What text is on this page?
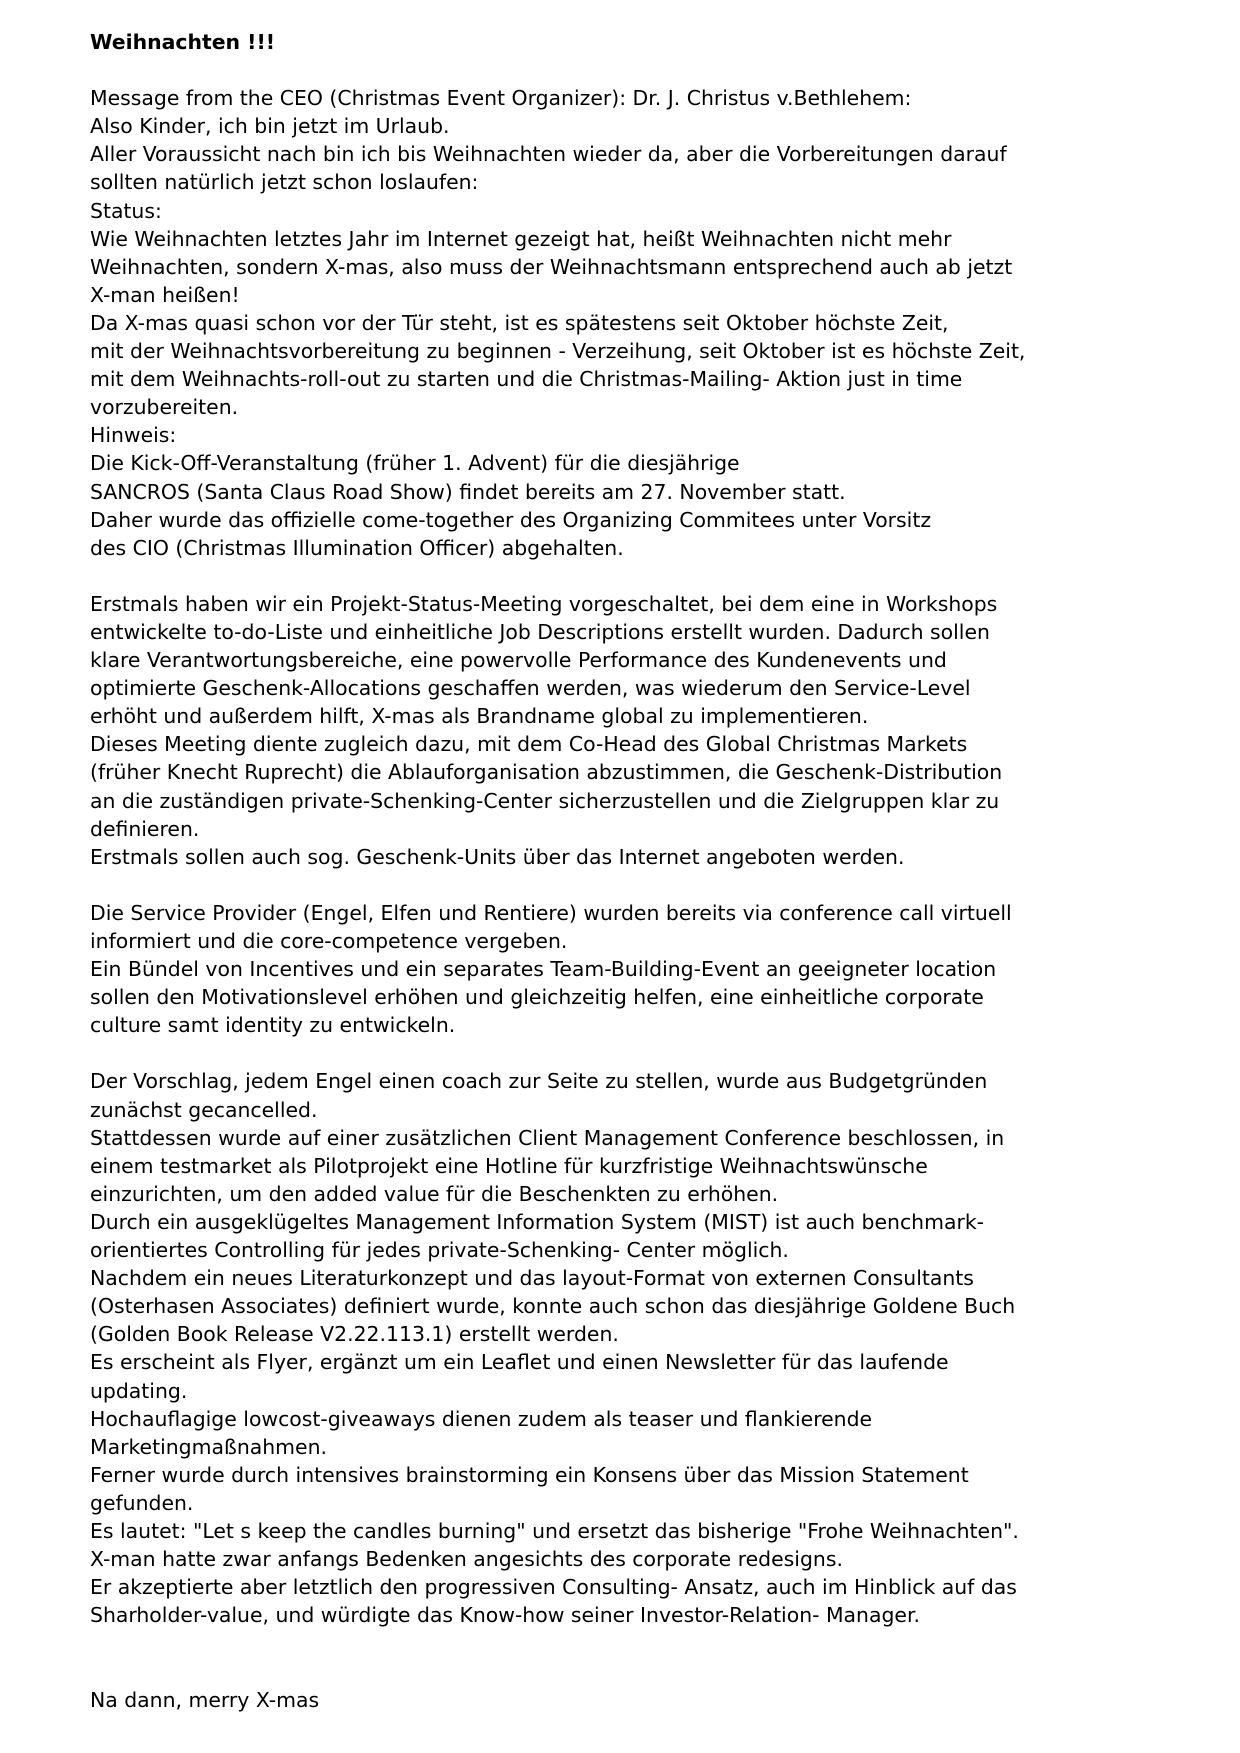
Weihnachten !!!
Message from the CEO (Christmas Event Organizer): Dr. J. Christus v.Bethlehem:
Also Kinder, ich bin jetzt im Urlaub.
Aller Voraussicht nach bin ich bis Weihnachten wieder da, aber die Vorbereitungen darauf
sollten natürlich jetzt schon loslaufen:
Status:
Wie Weihnachten letztes Jahr im Internet gezeigt hat, heißt Weihnachten nicht mehr
Weihnachten, sondern X-mas, also muss der Weihnachtsmann entsprechend auch ab jetzt
X-man heißen!
Da X-mas quasi schon vor der Tür steht, ist es spätestens seit Oktober höchste Zeit,
mit der Weihnachtsvorbereitung zu beginnen - Verzeihung, seit Oktober ist es höchste Zeit,
mit dem Weihnachts-roll-out zu starten und die Christmas-Mailing- Aktion just in time
vorzubereiten.
Hinweis:
Die Kick-Off-Veranstaltung (früher 1. Advent) für die diesjährige
SANCROS (Santa Claus Road Show) findet bereits am 27. November statt.
Daher wurde das offizielle come-together des Organizing Commitees unter Vorsitz
des CIO (Christmas Illumination Officer) abgehalten.
Erstmals haben wir ein Projekt-Status-Meeting vorgeschaltet, bei dem eine in Workshops
entwickelte to-do-Liste und einheitliche Job Descriptions erstellt wurden. Dadurch sollen
klare Verantwortungsbereiche, eine powervolle Performance des Kundenevents und
optimierte Geschenk-Allocations geschaffen werden, was wiederum den Service-Level
erhöht und außerdem hilft, X-mas als Brandname global zu implementieren.
Dieses Meeting diente zugleich dazu, mit dem Co-Head des Global Christmas Markets
(früher Knecht Ruprecht) die Ablauforganisation abzustimmen, die Geschenk-Distribution
an die zuständigen private-Schenking-Center sicherzustellen und die Zielgruppen klar zu
definieren.
Erstmals sollen auch sog. Geschenk-Units über das Internet angeboten werden.
Die Service Provider (Engel, Elfen und Rentiere) wurden bereits via conference call virtuell
informiert und die core-competence vergeben.
Ein Bündel von Incentives und ein separates Team-Building-Event an geeigneter location
sollen den Motivationslevel erhöhen und gleichzeitig helfen, eine einheitliche corporate
culture samt identity zu entwickeln.
Der Vorschlag, jedem Engel einen coach zur Seite zu stellen, wurde aus Budgetgründen
zunächst gecancelled.
Stattdessen wurde auf einer zusätzlichen Client Management Conference beschlossen, in
einem testmarket als Pilotprojekt eine Hotline für kurzfristige Weihnachtswünsche
einzurichten, um den added value für die Beschenkten zu erhöhen.
Durch ein ausgeklügeltes Management Information System (MIST) ist auch benchmark-
orientiertes Controlling für jedes private-Schenking- Center möglich.
Nachdem ein neues Literaturkonzept und das layout-Format von externen Consultants
(Osterhasen Associates) definiert wurde, konnte auch schon das diesjährige Goldene Buch
(Golden Book Release V2.22.113.1) erstellt werden.
Es erscheint als Flyer, ergänzt um ein Leaflet und einen Newsletter für das laufende
updating.
Hochauflagige lowcost-giveaways dienen zudem als teaser und flankierende
Marketingmaßnahmen.
Ferner wurde durch intensives brainstorming ein Konsens über das Mission Statement
gefunden.
Es lautet: "Let s keep the candles burning" und ersetzt das bisherige "Frohe Weihnachten".
X-man hatte zwar anfangs Bedenken angesichts des corporate redesigns.
Er akzeptierte aber letztlich den progressiven Consulting- Ansatz, auch im Hinblick auf das
Sharholder-value, und würdigte das Know-how seiner Investor-Relation- Manager.
Na dann, merry X-mas
